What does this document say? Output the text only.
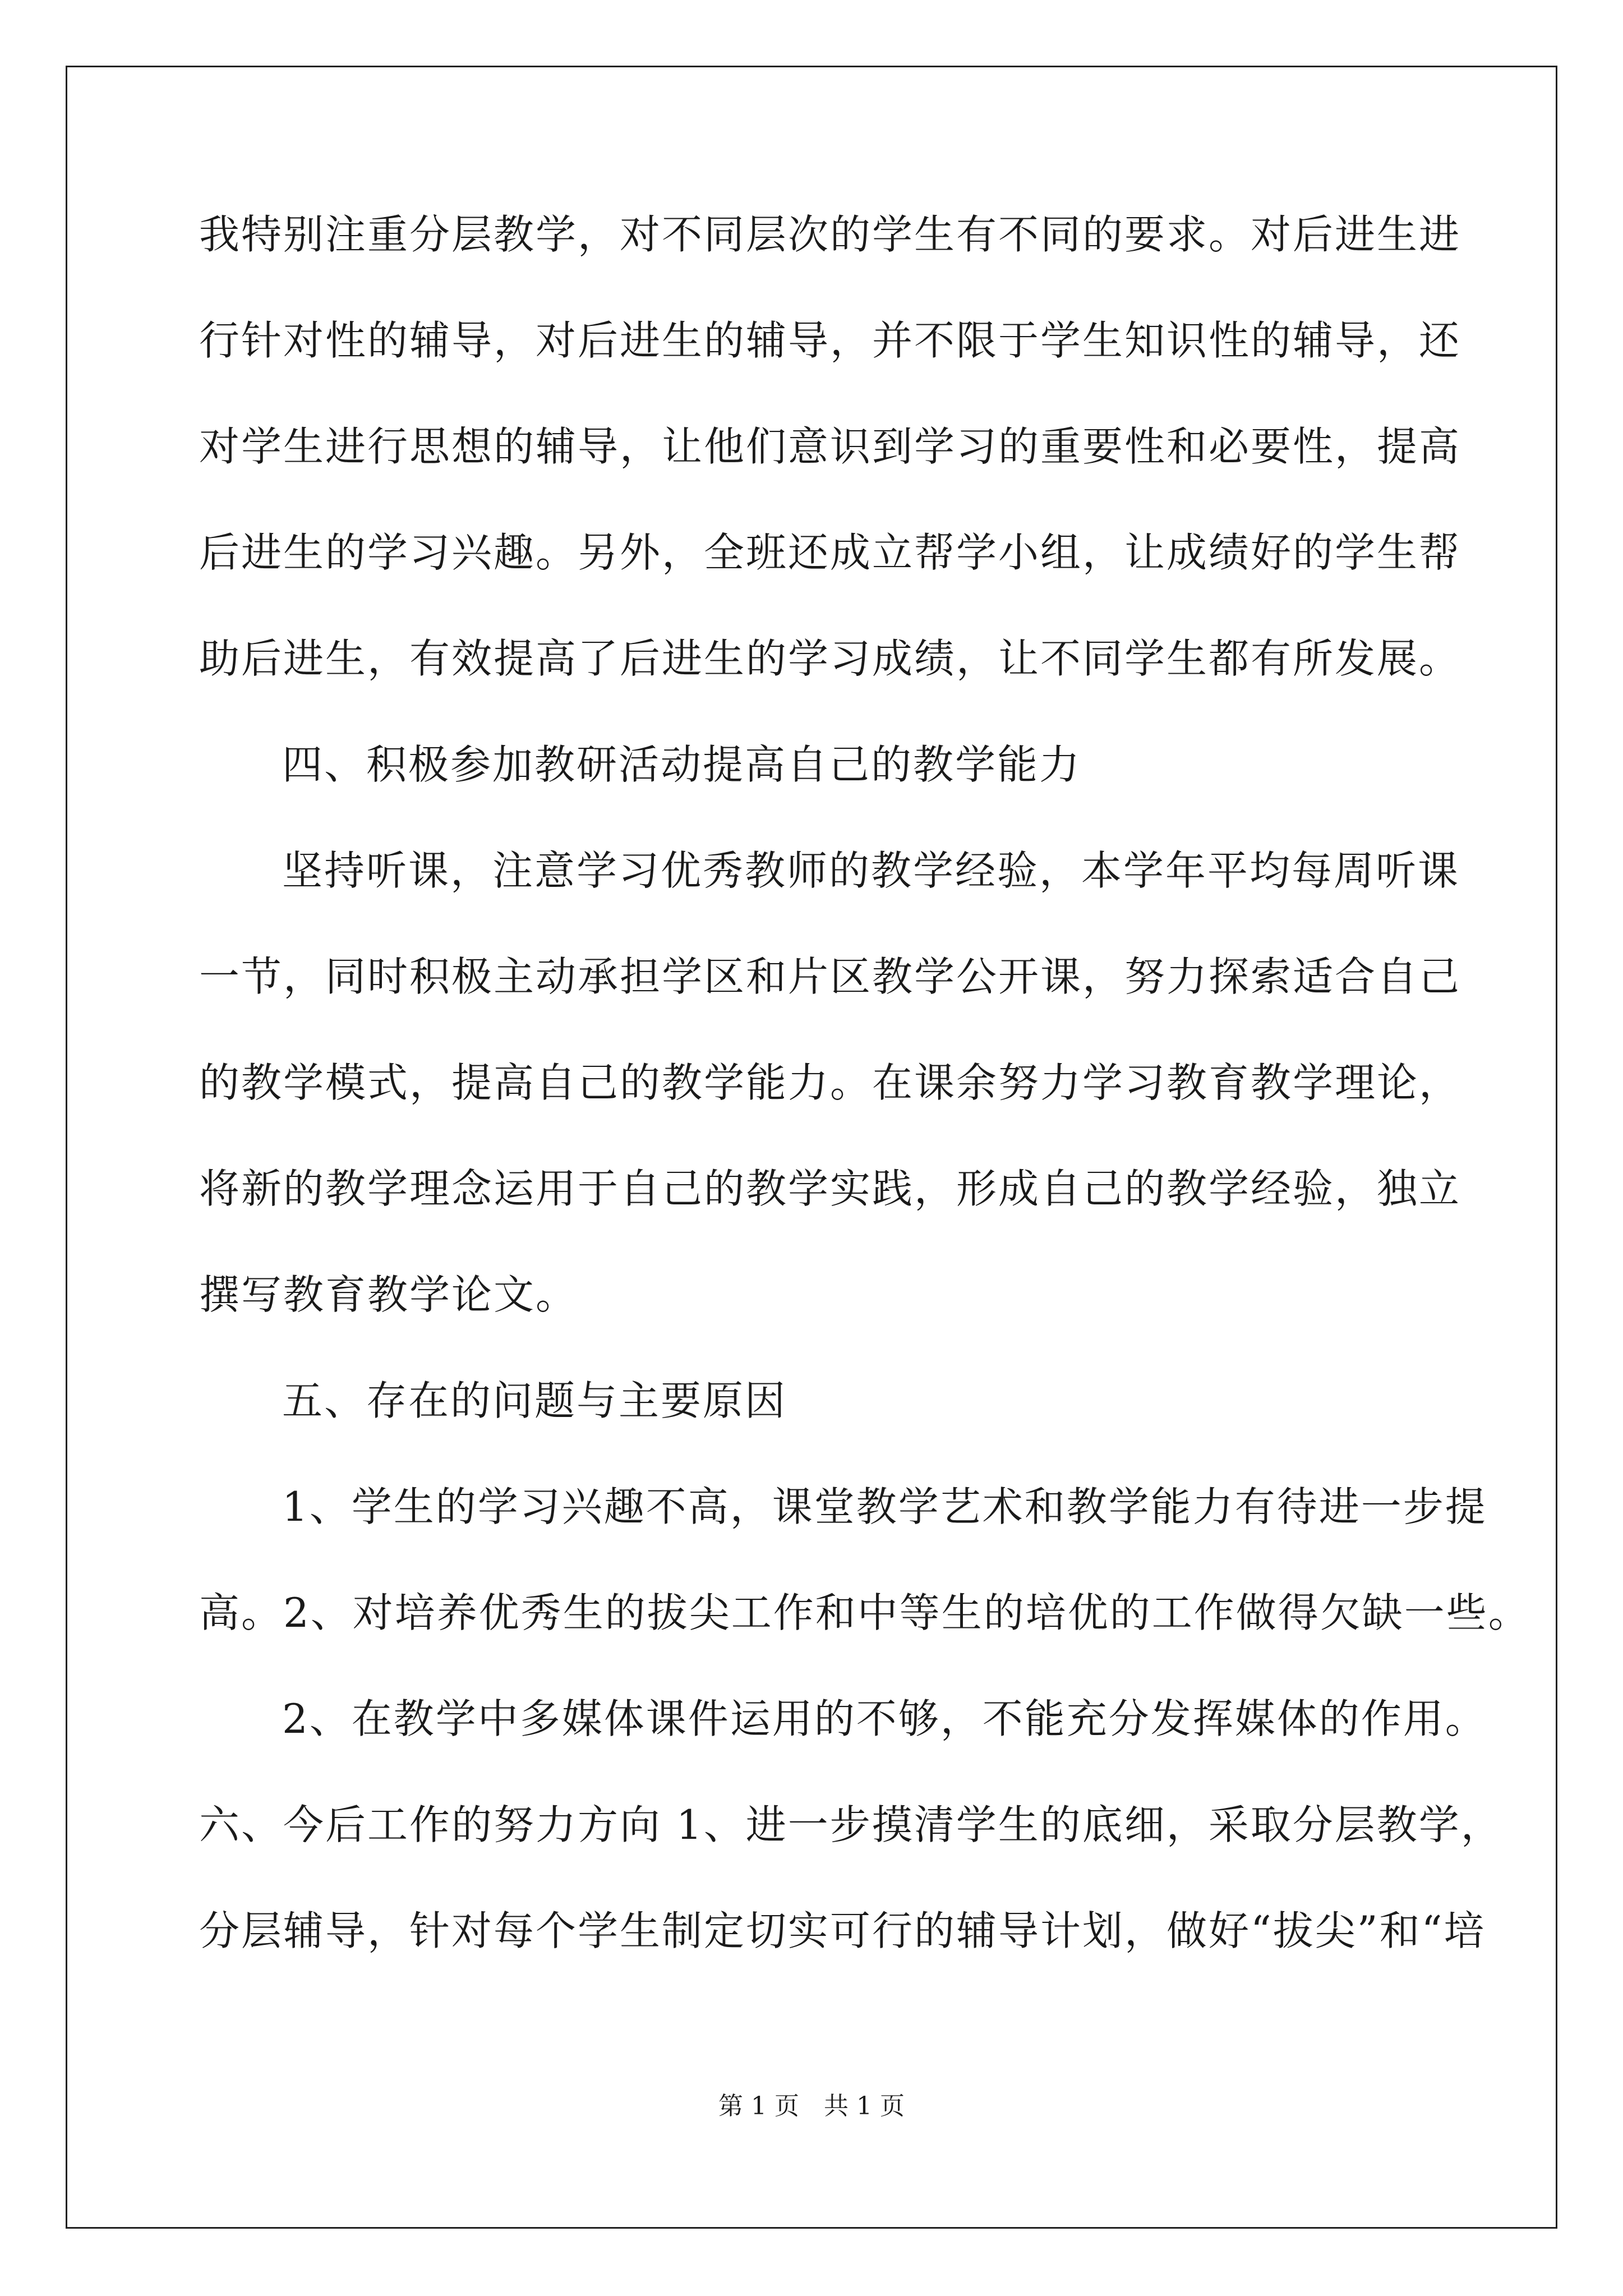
我特别注重分层教学，对不同层次的学生有不同的要求。对后进生进
行针对性的辅导，对后进生的辅导，并不限于学生知识性的辅导，还
对学生进行思想的辅导，让他们意识到学习的重要性和必要性，提高
后进生的学习兴趣。另外，全班还成立帮学小组，让成绩好的学生帮
助后进生，有效提高了后进生的学习成绩，让不同学生都有所发展。
四、积极参加教研活动提高自己的教学能力
坚持听课，注意学习优秀教师的教学经验，本学年平均每周听课
一节，同时积极主动承担学区和片区教学公开课，努力探索适合自己
的教学模式，提高自己的教学能力。在课余努力学习教育教学理论，
将新的教学理念运用于自己的教学实践，形成自己的教学经验，独立
撰写教育教学论文。
五、存在的问题与主要原因
1、学生的学习兴趣不高，课堂教学艺术和教学能力有待进一步提
高。2、对培养优秀生的拔尖工作和中等生的培优的工作做得欠缺一些。
2、在教学中多媒体课件运用的不够，不能充分发挥媒体的作用。
六、今后工作的努力方向 1、进一步摸清学生的底细，采取分层教学，
分层辅导，针对每个学生制定切实可行的辅导计划，做好“拔尖”和“培
第 1 页　共 1 页
